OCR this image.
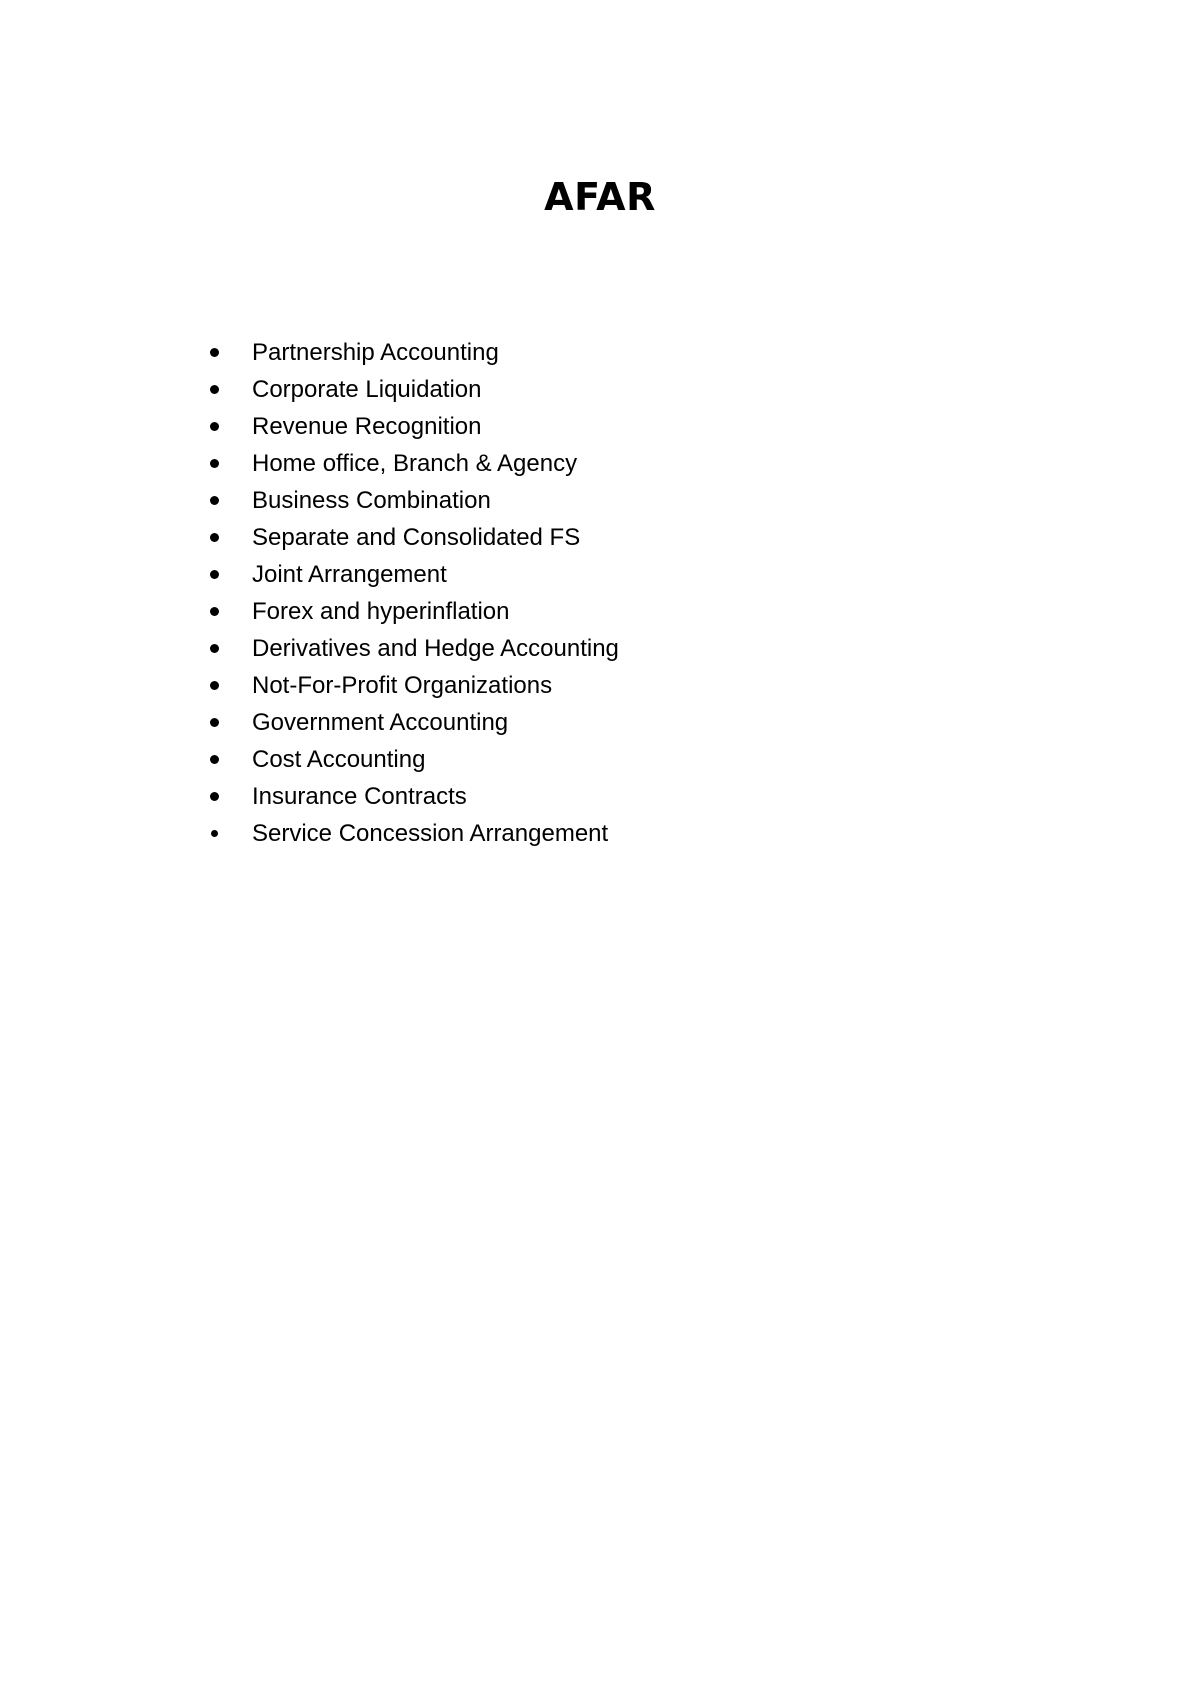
AFAR
Partnership Accounting
Corporate Liquidation
Revenue Recognition
Home office, Branch & Agency
Business Combination
Separate and Consolidated FS
Joint Arrangement
Forex and hyperinflation
Derivatives and Hedge Accounting
Not-For-Profit Organizations
Government Accounting
Cost Accounting
Insurance Contracts
Service Concession Arrangement
